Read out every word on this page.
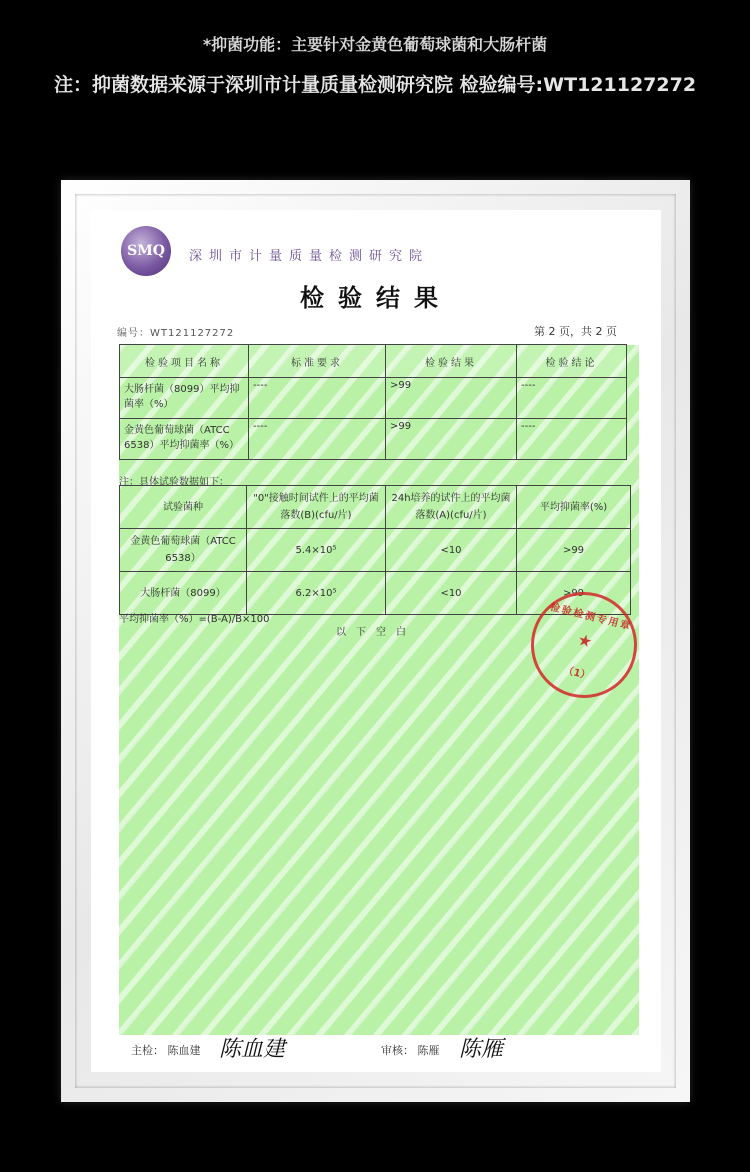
*抑菌功能：主要针对金黄色葡萄球菌和大肠杆菌
注：抑菌数据来源于深圳市计量质量检测研究院 检验编号:WT121127272
SMQ 深圳市计量质量检测研究院
检验结果
编号：WT121127272	第 2 页，共 2 页
检验项目名称	标准要求	检验结果	检验结论
大肠杆菌（8099）平均抑菌率（%）	----	>99	----
金黄色葡萄球菌（ATCC 6538）平均抑菌率（%）	----	>99	----
注：具体试验数据如下：
试验菌种	"0"接触时间试件上的平均菌落数(B)(cfu/片)	24h培养的试件上的平均菌落数(A)(cfu/片)	平均抑菌率(%)
金黄色葡萄球菌（ATCC 6538）	5.4×10⁵	<10	>99
大肠杆菌（8099）	6.2×10⁵	<10	>99
平均抑菌率（%）=(B-A)/B×100
以下空白	检验检测专用章
★
（1）
主检： 陈血建 陈血建	审核： 陈雁 陈雁
